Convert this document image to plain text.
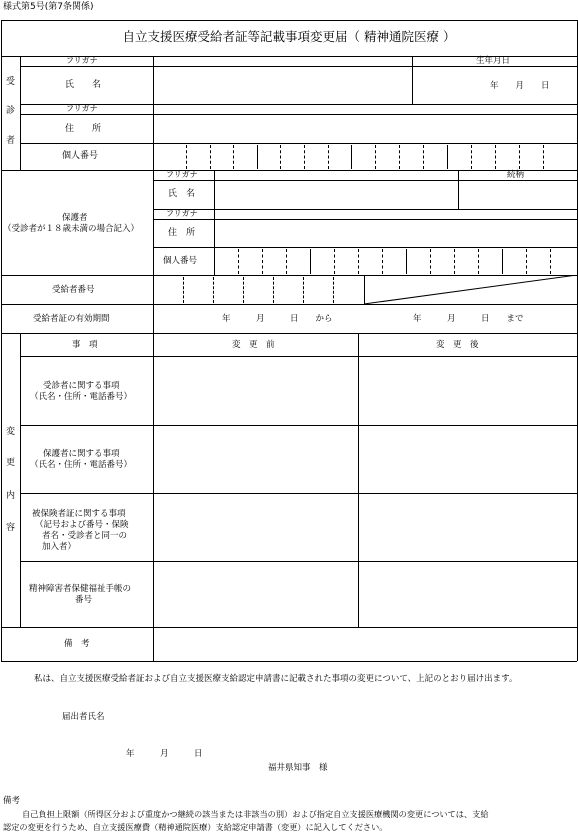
様式第5号(第7条関係)
自立支援医療受給者証等記載事項変更届（ 精神通院医療 ）
受
診
者
フリガナ	生年月日
氏　　名	年　　月　　日
フリガナ
住　　所
個人番号
保護者
（受診者が１８歳未満の場合記入）
フリガナ	続柄
氏　名
フリガナ
住　所
個人番号
受給者番号
受給者証の有効期間	年　　　月　　　日　　から	年　　　月　　　日　　まで
変
更
内
容
事　項	変　更　前	変　更　後
受診者に関する事項
（氏名・住所・電話番号）
保護者に関する事項
（氏名・住所・電話番号）
被保険者証に関する事項
（記号および番号・保険
者名・受診者と同一の
加入者）
精神障害者保健福祉手帳の
番号
備　考
私は、自立支援医療受給者証および自立支援医療支給認定申請書に記載された事項の変更について、上記のとおり届け出ます。
届出者氏名
年　　　月　　　日
福井県知事　様
備考
自己負担上限額（所得区分および重度かつ継続の該当または非該当の別）および指定自立支援医療機関の変更については、支給
認定の変更を行うため、自立支援医療費（精神通院医療）支給認定申請書（変更）に記入してください。
